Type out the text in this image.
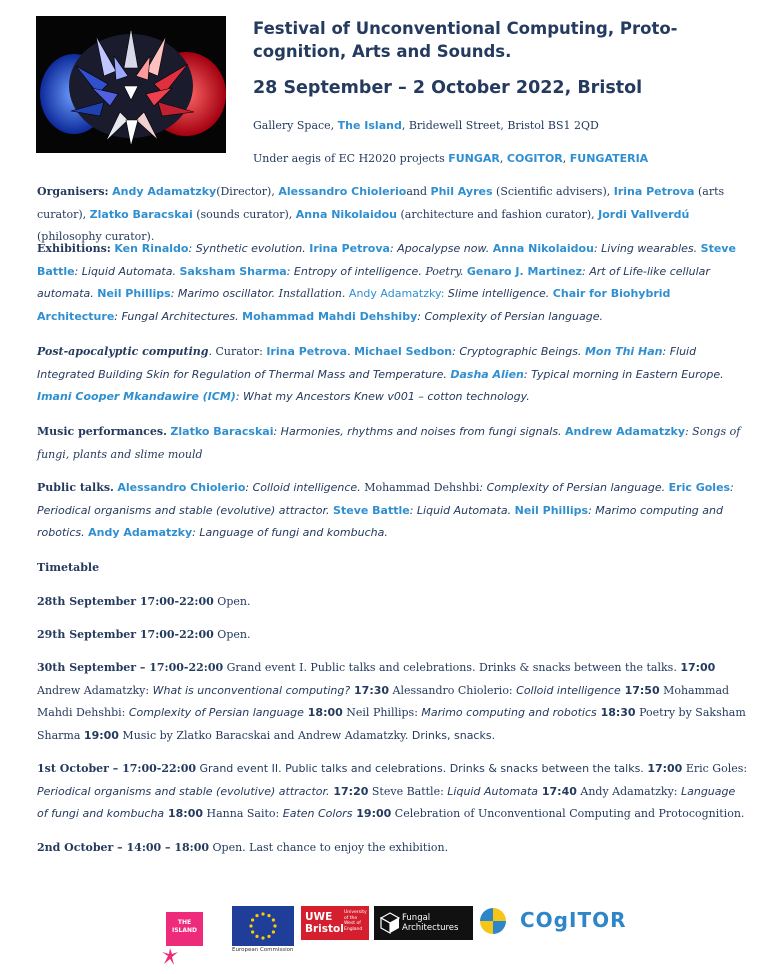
Festival of Unconventional Computing, Proto-cognition, Arts and Sounds.
28 September – 2 October 2022, Bristol
Gallery Space, The Island, Bridewell Street, Bristol BS1 2QD
Under aegis of EC H2020 projects FUNGAR, COGITOR, FUNGATERIA
Organisers: Andy Adamatzky(Director), Alessandro Chiolerioand Phil Ayres (Scientific advisers), Irina Petrova (arts curator), Zlatko Baracskai (sounds curator), Anna Nikolaidou (architecture and fashion curator), Jordi Vallverdú (philosophy curator).
Exhibitions: Ken Rinaldo: Synthetic evolution. Irina Petrova: Apocalypse now. Anna Nikolaidou: Living wearables. Steve Battle: Liquid Automata. Saksham Sharma: Entropy of intelligence. Poetry. Genaro J. Martinez: Art of Life-like cellular automata. Neil Phillips: Marimo oscillator. Installation. Andy Adamatzky: Slime intelligence. Chair for Biohybrid Architecture: Fungal Architectures. Mohammad Mahdi Dehshiby: Complexity of Persian language.
Post-apocalyptic computing. Curator: Irina Petrova. Michael Sedbon: Cryptographic Beings. Mon Thi Han: Fluid Integrated Building Skin for Regulation of Thermal Mass and Temperature. Dasha Alien: Typical morning in Eastern Europe. Imani Cooper Mkandawire (ICM): What my Ancestors Knew v001 – cotton technology.
Music performances. Zlatko Baracskai: Harmonies, rhythms and noises from fungi signals. Andrew Adamatzky: Songs of fungi, plants and slime mould
Public talks. Alessandro Chiolerio: Colloid intelligence. Mohammad Dehshbi: Complexity of Persian language. Eric Goles: Periodical organisms and stable (evolutive) attractor. Steve Battle: Liquid Automata. Neil Phillips: Marimo computing and robotics. Andy Adamatzky: Language of fungi and kombucha.
Timetable
28th September 17:00-22:00 Open.
29th September 17:00-22:00 Open.
30th September – 17:00-22:00 Grand event I. Public talks and celebrations. Drinks & snacks between the talks. 17:00 Andrew Adamatzky: What is unconventional computing? 17:30 Alessandro Chiolerio: Colloid intelligence 17:50 Mohammad Mahdi Dehshbi: Complexity of Persian language 18:00 Neil Phillips: Marimo computing and robotics 18:30 Poetry by Saksham Sharma 19:00 Music by Zlatko Baracskai and Andrew Adamatzky. Drinks, snacks.
1st October – 17:00-22:00 Grand event II. Public talks and celebrations. Drinks & snacks between the talks. 17:00 Eric Goles: Periodical organisms and stable (evolutive) attractor. 17:20 Steve Battle: Liquid Automata 17:40 Andy Adamatzky: Language of fungi and kombucha 18:00 Hanna Saito: Eaten Colors 19:00 Celebration of Unconventional Computing and Protocognition.
2nd October – 14:00 – 18:00 Open. Last chance to enjoy the exhibition.
THE ISLAND
European Commission
UWE Bristol
University of the West of England
Fungal Architectures	COgITOR
